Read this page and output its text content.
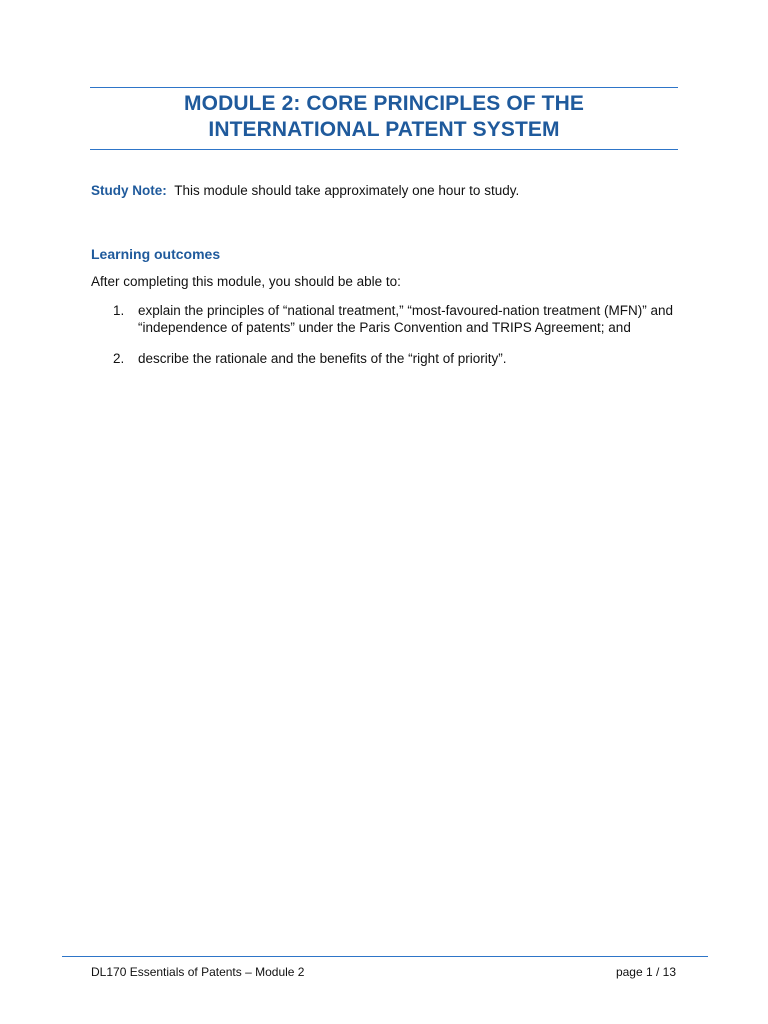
MODULE 2: CORE PRINCIPLES OF THE
INTERNATIONAL PATENT SYSTEM
Study Note: This module should take approximately one hour to study.
Learning outcomes
After completing this module, you should be able to:
1. explain the principles of “national treatment,” “most-favoured-nation treatment (MFN)” and “independence of patents” under the Paris Convention and TRIPS Agreement; and
2. describe the rationale and the benefits of the “right of priority”.
DL170 Essentials of Patents – Module 2	page 1 / 13
